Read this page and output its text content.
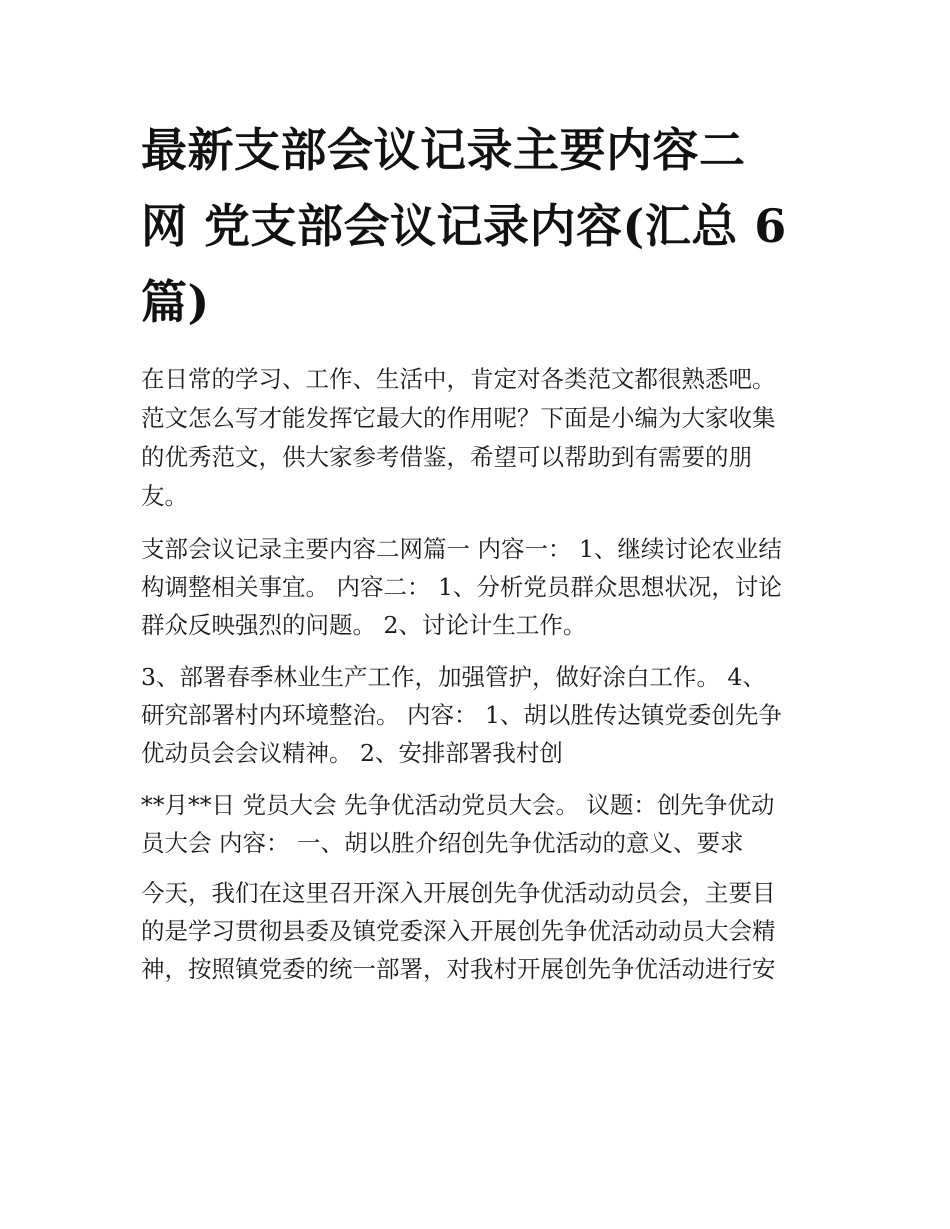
最新支部会议记录主要内容二
网 党支部会议记录内容(汇总 6
篇)

在日常的学习、工作、生活中，肯定对各类范文都很熟悉吧。
范文怎么写才能发挥它最大的作用呢？下面是小编为大家收集
的优秀范文，供大家参考借鉴，希望可以帮助到有需要的朋
友。

支部会议记录主要内容二网篇一 内容一： 1、继续讨论农业结
构调整相关事宜。 内容二： 1、分析党员群众思想状况，讨论
群众反映强烈的问题。 2、讨论计生工作。

3、部署春季林业生产工作，加强管护，做好涂白工作。 4、
研究部署村内环境整治。 内容： 1、胡以胜传达镇党委创先争
优动员会会议精神。 2、安排部署我村创

**月**日 党员大会 先争优活动党员大会。 议题：创先争优动
员大会 内容： 一、胡以胜介绍创先争优活动的意义、要求

今天，我们在这里召开深入开展创先争优活动动员会，主要目
的是学习贯彻县委及镇党委深入开展创先争优活动动员大会精
神，按照镇党委的统一部署，对我村开展创先争优活动进行安
